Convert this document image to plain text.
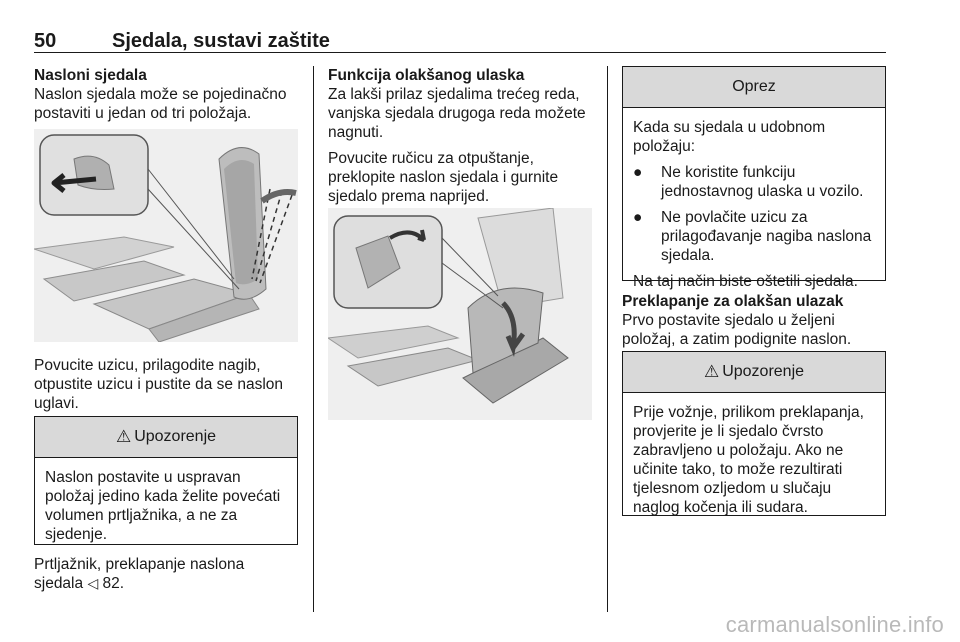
50	Sjedala, sustavi zaštite

Nasloni sjedala
Naslon sjedala može se pojedinačno
postaviti u jedan od tri položaja.

Povucite uzicu, prilagodite nagib,
otpustite uzicu i pustite da se naslon
uglavi.

⚠ Upozorenje
Naslon postavite u uspravan
položaj jedino kada želite povećati
volumen prtljažnika, a ne za
sjedenje.
Prtljažnik, preklapanje naslona
sjedala ◁ 82.

Funkcija olakšanog ulaska
Za lakši prilaz sjedalima trećeg reda,
vanjska sjedala drugoga reda možete
nagnuti.

Povucite ručicu za otpuštanje,
preklopite naslon sjedala i gurnite
sjedalo prema naprijed.

Oprez

Kada su sjedala u udobnom
položaju:

●	Ne koristite funkciju
jednostavnog ulaska u vozilo.
●	Ne povlačite uzicu za
prilagođavanje nagiba naslona
sjedala.
Na taj način biste oštetili sjedala.
Preklapanje za olakšan ulazak
Prvo postavite sjedalo u željeni
položaj, a zatim podignite naslon.
⚠ Upozorenje
Prije vožnje, prilikom preklapanja,
provjerite je li sjedalo čvrsto
zabravljeno u položaju. Ako ne
učinite tako, to može rezultirati
tjelesnom ozljedom u slučaju
naglog kočenja ili sudara.
carmanualsonline.info
